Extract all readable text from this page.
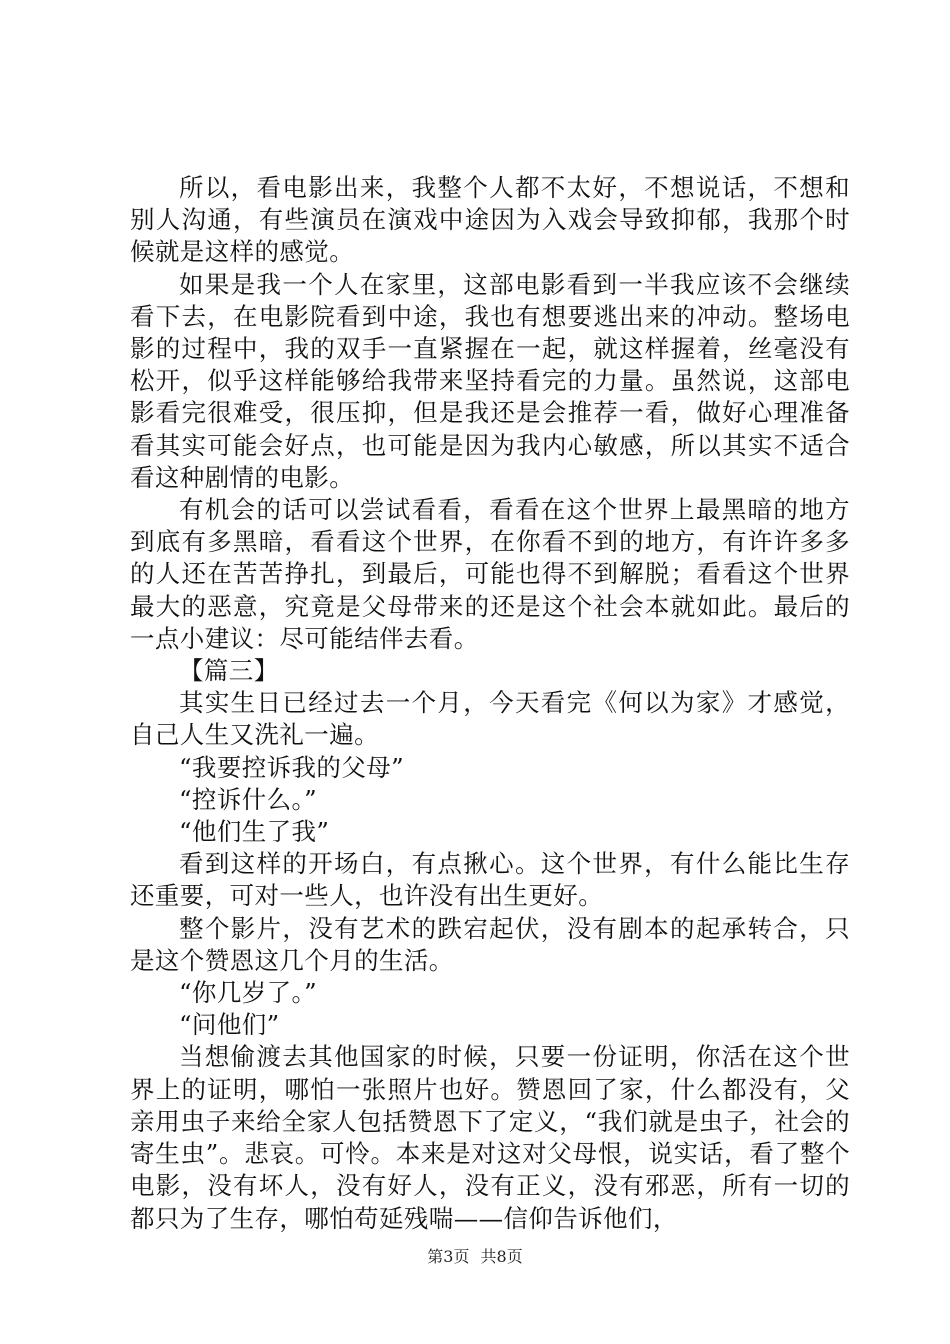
所以，看电影出来，我整个人都不太好，不想说话，不想和别人沟通，有些演员在演戏中途因为入戏会导致抑郁，我那个时候就是这样的感觉。

如果是我一个人在家里，这部电影看到一半我应该不会继续看下去，在电影院看到中途，我也有想要逃出来的冲动。整场电影的过程中，我的双手一直紧握在一起，就这样握着，丝毫没有松开，似乎这样能够给我带来坚持看完的力量。虽然说，这部电影看完很难受，很压抑，但是我还是会推荐一看，做好心理准备看其实可能会好点，也可能是因为我内心敏感，所以其实不适合看这种剧情的电影。

有机会的话可以尝试看看，看看在这个世界上最黑暗的地方到底有多黑暗，看看这个世界，在你看不到的地方，有许许多多的人还在苦苦挣扎，到最后，可能也得不到解脱；看看这个世界最大的恶意，究竟是父母带来的还是这个社会本就如此。最后的一点小建议：尽可能结伴去看。

【篇三】

其实生日已经过去一个月，今天看完《何以为家》才感觉，自己人生又洗礼一遍。

“我要控诉我的父母”

“控诉什么。”

“他们生了我”

看到这样的开场白，有点揪心。这个世界，有什么能比生存还重要，可对一些人，也许没有出生更好。

整个影片，没有艺术的跌宕起伏，没有剧本的起承转合，只是这个赞恩这几个月的生活。

“你几岁了。”

“问他们”

当想偷渡去其他国家的时候，只要一份证明，你活在这个世界上的证明，哪怕一张照片也好。赞恩回了家，什么都没有，父亲用虫子来给全家人包括赞恩下了定义，“我们就是虫子，社会的寄生虫”。悲哀。可怜。本来是对这对父母恨，说实话，看了整个电影，没有坏人，没有好人，没有正义，没有邪恶，所有一切的都只为了生存，哪怕苟延残喘——信仰告诉他们，

第3页 共8页
